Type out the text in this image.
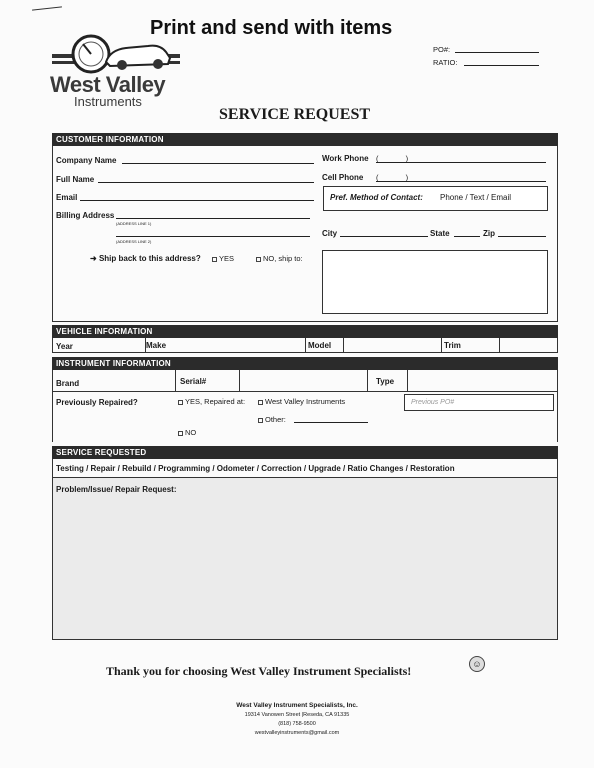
Print and send with items
PO#:
RATIO:
West Valley
Instruments
SERVICE REQUEST
CUSTOMER INFORMATION
Company Name
Full Name
Email
Billing Address
(ADDRESS LINE 1)
(ADDRESS LINE 2)
Work Phone (             )
Cell Phone (             )
Pref. Method of Contact: Phone / Text / Email
City	State	Zip
➜ Ship back to this address?	YES	NO, ship to:
VEHICLE INFORMATION
Year	Make	Model	Trim
INSTRUMENT INFORMATION
Brand	Serial#	Type
Previously Repaired?	YES, Repaired at:	West Valley Instruments
Other:
NO
Previous PO#
SERVICE REQUESTED
Testing / Repair / Rebuild / Programming / Odometer / Correction / Upgrade / Ratio Changes / Restoration
Problem/Issue/ Repair Request:
Thank you for choosing West Valley Instrument Specialists!	☺
West Valley Instrument Specialists, Inc.
19314 Vanowen Street |Reseda, CA 91335
(818) 758-9500
westvalleyinstruments@gmail.com
